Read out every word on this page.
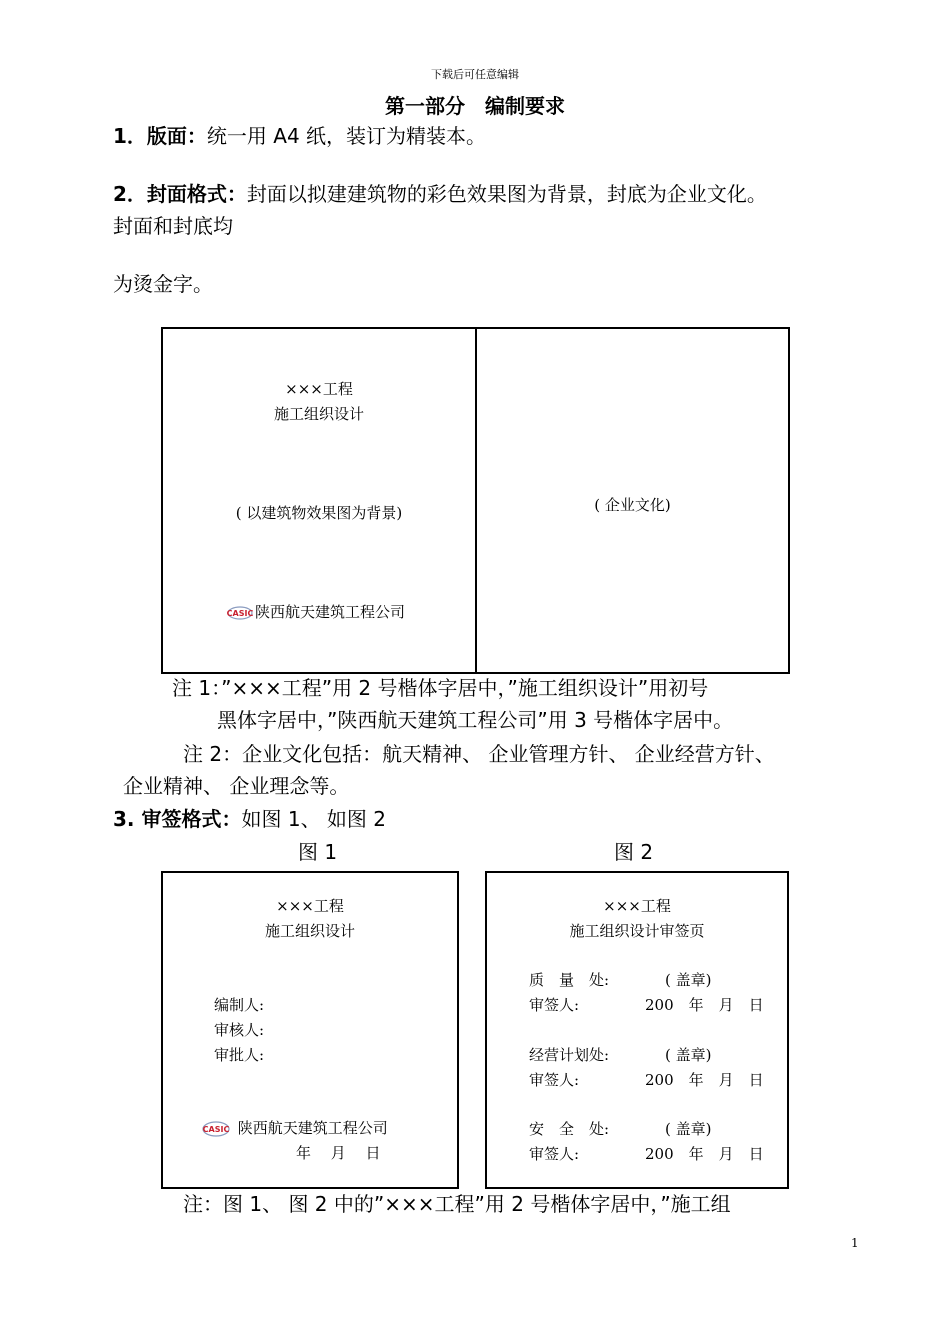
下载后可任意编辑
第一部分　编制要求
1．版面：统一用 A4 纸，装订为精装本。
2．封面格式：封面以拟建建筑物的彩色效果图为背景，封底为企业文化。
封面和封底均
为烫金字。
×××工程
施工组织设计
( 以建筑物效果图为背景)
CASIC 陕西航天建筑工程公司
( 企业文化)
注 1：”×××工程”用 2 号楷体字居中，”施工组织设计”用初号
黑体字居中，”陕西航天建筑工程公司”用 3 号楷体字居中。
注 2：企业文化包括：航天精神、 企业管理方针、 企业经营方针、
企业精神、 企业理念等。
3. 审签格式：如图 1、 如图 2
图 1	图 2
×××工程
施工组织设计
编制人:
审核人:
审批人:
CASIC 陕西航天建筑工程公司
年　 月　 日
×××工程
施工组织设计审签页
质　量　处:	( 盖章)
审签人:	200　年　月　日
经营计划处:	( 盖章)
审签人:	200　年　月　日
安　全　处:	( 盖章)
审签人:	200　年　月　日
注：图 1、 图 2 中的”×××工程”用 2 号楷体字居中，”施工组
1
